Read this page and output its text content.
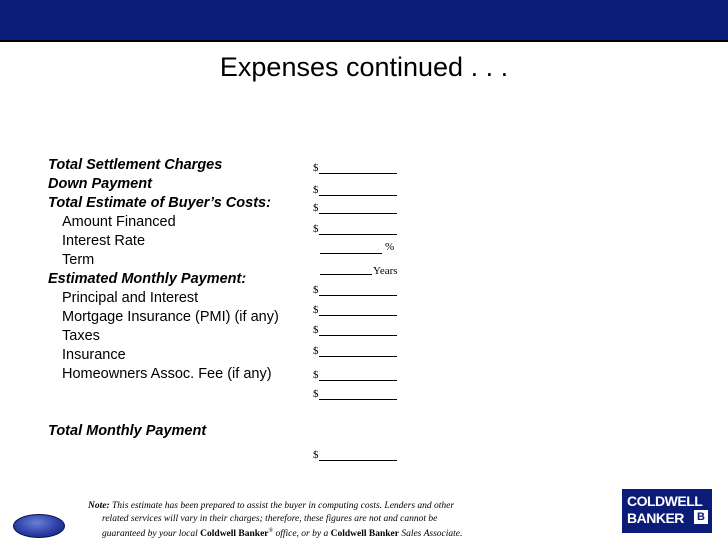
Expenses continued . . .
Total Settlement Charges
Down Payment
Total Estimate of Buyer’s Costs:
Amount Financed
Interest Rate
Term
Estimated Monthly Payment:
Principal and Interest
Mortgage Insurance (PMI) (if any)
Taxes
Insurance
Homeowners Assoc. Fee (if any)
Total Monthly Payment
$
$
$
$
%
Years
$
$
$
$
$
$
$
Note: This estimate has been prepared to assist the buyer in computing costs. Lenders and other
related services will vary in their charges; therefore, these figures are not and cannot be
guaranteed by your local Coldwell Banker® office, or by a Coldwell Banker Sales Associate.
COLDWELL
BANKER B
